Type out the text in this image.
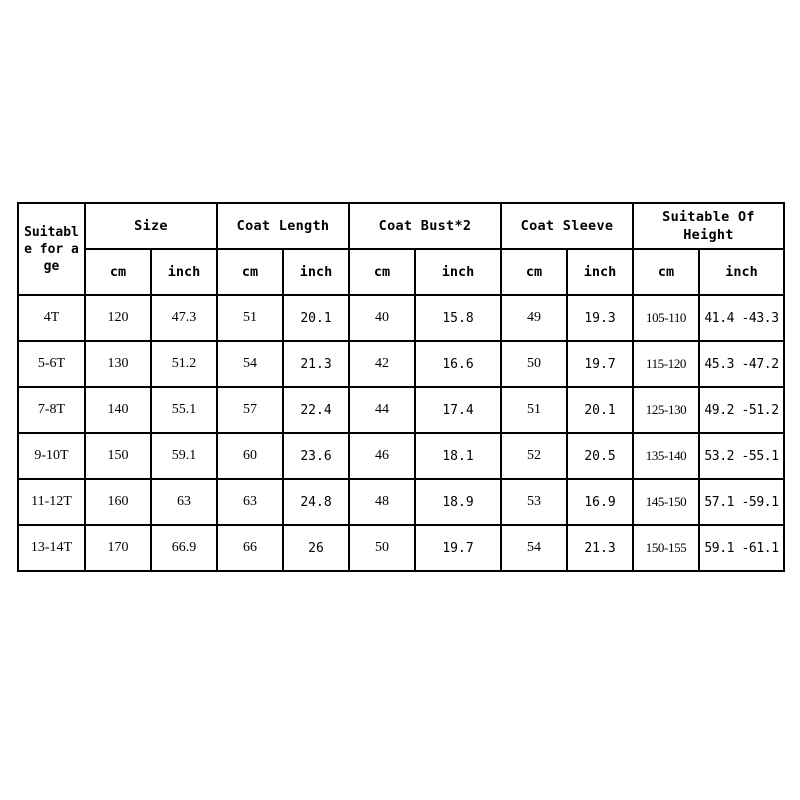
Suitable for age	Size		Coat Length		Coat Bust*2		Coat Sleeve		Suitable Of Height	
	cm	inch	cm	inch	cm	inch	cm	inch	cm	inch
4T	120	47.3	51	20.1	40	15.8	49	19.3	105-110	41.4 -43.3
5-6T	130	51.2	54	21.3	42	16.6	50	19.7	115-120	45.3 -47.2
7-8T	140	55.1	57	22.4	44	17.4	51	20.1	125-130	49.2 -51.2
9-10T	150	59.1	60	23.6	46	18.1	52	20.5	135-140	53.2 -55.1
11-12T	160	63	63	24.8	48	18.9	53	16.9	145-150	57.1 -59.1
13-14T	170	66.9	66	26	50	19.7	54	21.3	150-155	59.1 -61.1
